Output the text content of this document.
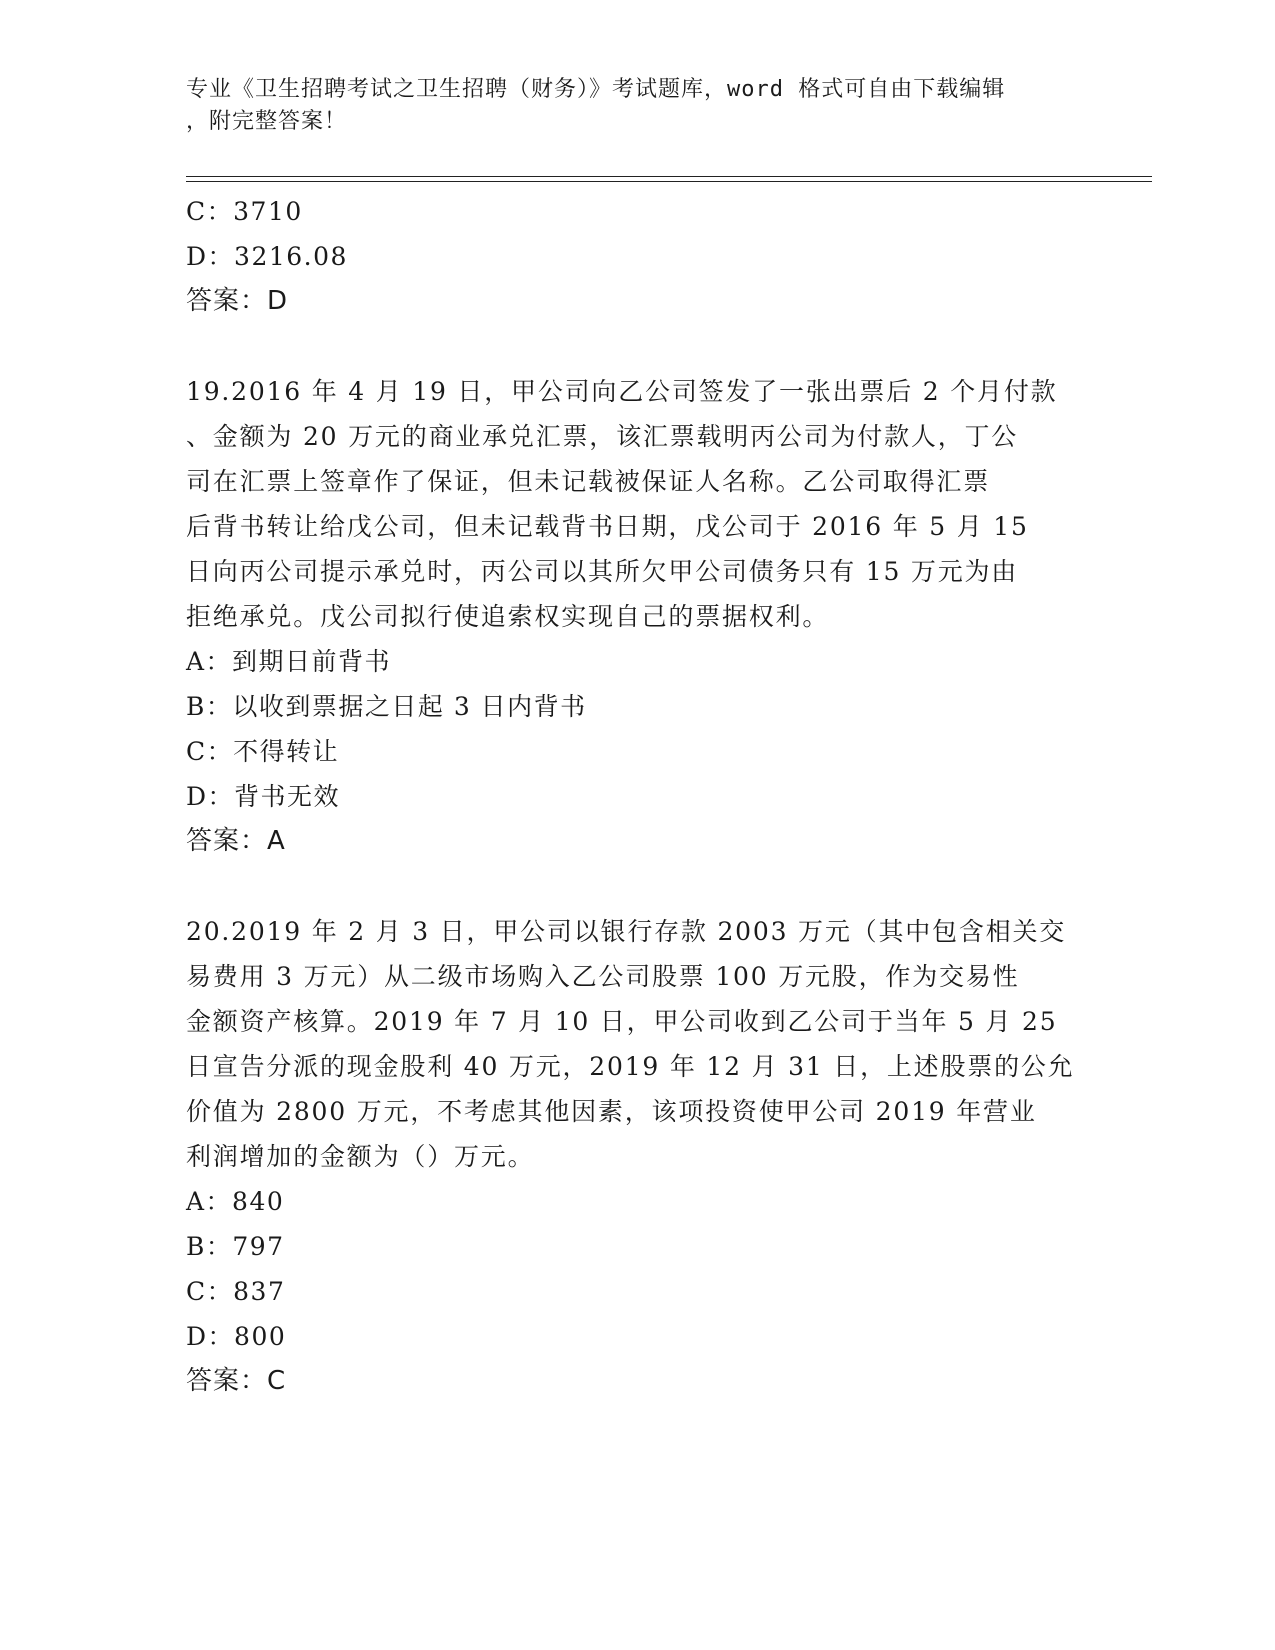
专业《卫生招聘考试之卫生招聘（财务）》考试题库，word 格式可自由下载编辑
，附完整答案！
C：3710
D：3216.08
答案：D
19.2016 年 4 月 19 日，甲公司向乙公司签发了一张出票后 2 个月付款
、金额为 20 万元的商业承兑汇票，该汇票载明丙公司为付款人，丁公
司在汇票上签章作了保证，但未记载被保证人名称。乙公司取得汇票
后背书转让给戊公司，但未记载背书日期，戊公司于 2016 年 5 月 15
日向丙公司提示承兑时，丙公司以其所欠甲公司债务只有 15 万元为由
拒绝承兑。戊公司拟行使追索权实现自己的票据权利。
A：到期日前背书
B：以收到票据之日起 3 日内背书
C：不得转让
D：背书无效
答案：A
20.2019 年 2 月 3 日，甲公司以银行存款 2003 万元（其中包含相关交
易费用 3 万元）从二级市场购入乙公司股票 100 万元股，作为交易性
金额资产核算。2019 年 7 月 10 日，甲公司收到乙公司于当年 5 月 25
日宣告分派的现金股利 40 万元，2019 年 12 月 31 日，上述股票的公允
价值为 2800 万元，不考虑其他因素，该项投资使甲公司 2019 年营业
利润增加的金额为（）万元。
A：840
B：797
C：837
D：800
答案：C
